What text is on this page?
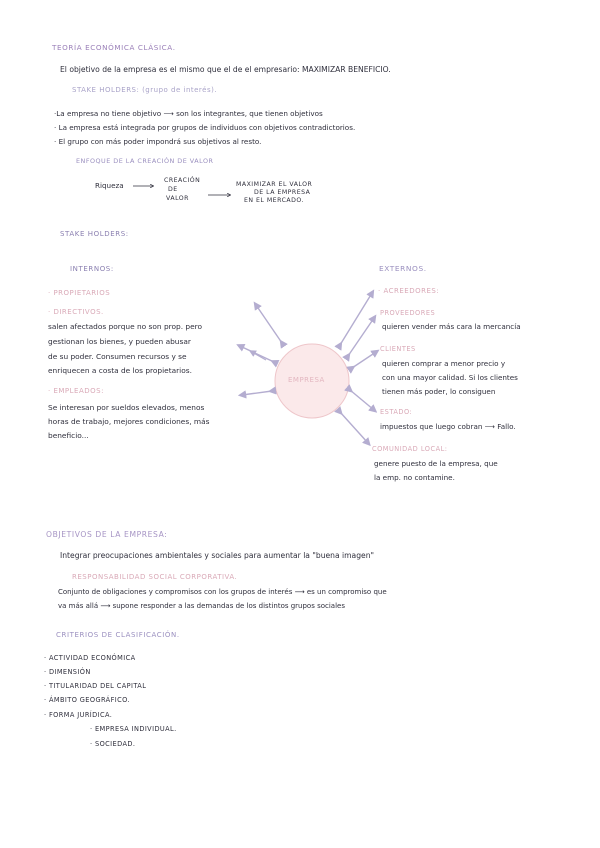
TEORÍA ECONÓMICA CLÁSICA.
El objetivo de la empresa es el mismo que el de el empresario: MAXIMIZAR BENEFICIO.
STAKE HOLDERS: (grupo de interés).
·La empresa no tiene objetivo ⟶ son los integrantes, que tienen objetivos
· La empresa está integrada por grupos de individuos con objetivos contradictorios.
· El grupo con más poder impondrá sus objetivos al resto.
ENFOQUE DE LA CREACIÓN DE VALOR
Riqueza
CREACIÓN
DE
VALOR
MAXIMIZAR EL VALOR
DE LA EMPRESA
EN EL MERCADO.
STAKE HOLDERS:
INTERNOS:
· PROPIETARIOS
· DIRECTIVOS.
salen afectados porque no son prop. pero
gestionan los bienes, y pueden abusar
de su poder. Consumen recursos y se
enriquecen a costa de los propietarios.
· EMPLEADOS:
Se interesan por sueldos elevados, menos
horas de trabajo, mejores condiciones, más
beneficio...
EMPRESA
EXTERNOS.
· ACREEDORES:
PROVEEDORES
quieren vender más cara la mercancía
CLIENTES
quieren comprar a menor precio y
con una mayor calidad. Si los clientes
tienen más poder, lo consiguen
ESTADO:
impuestos que luego cobran ⟶ Fallo.
COMUNIDAD LOCAL:
genere puesto de la empresa, que
la emp. no contamine.
OBJETIVOS DE LA EMPRESA:
Integrar preocupaciones ambientales y sociales para aumentar la "buena imagen"
RESPONSABILIDAD SOCIAL CORPORATIVA.
Conjunto de obligaciones y compromisos con los grupos de interés ⟶ es un compromiso que
va más allá ⟶ supone responder a las demandas de los distintos grupos sociales
CRITERIOS DE CLASIFICACIÓN.
· ACTIVIDAD ECONÓMICA
· DIMENSIÓN
· TITULARIDAD DEL CAPITAL
· ÁMBITO GEOGRÁFICO.
· FORMA JURÍDICA.
· EMPRESA INDIVIDUAL.
· SOCIEDAD.
